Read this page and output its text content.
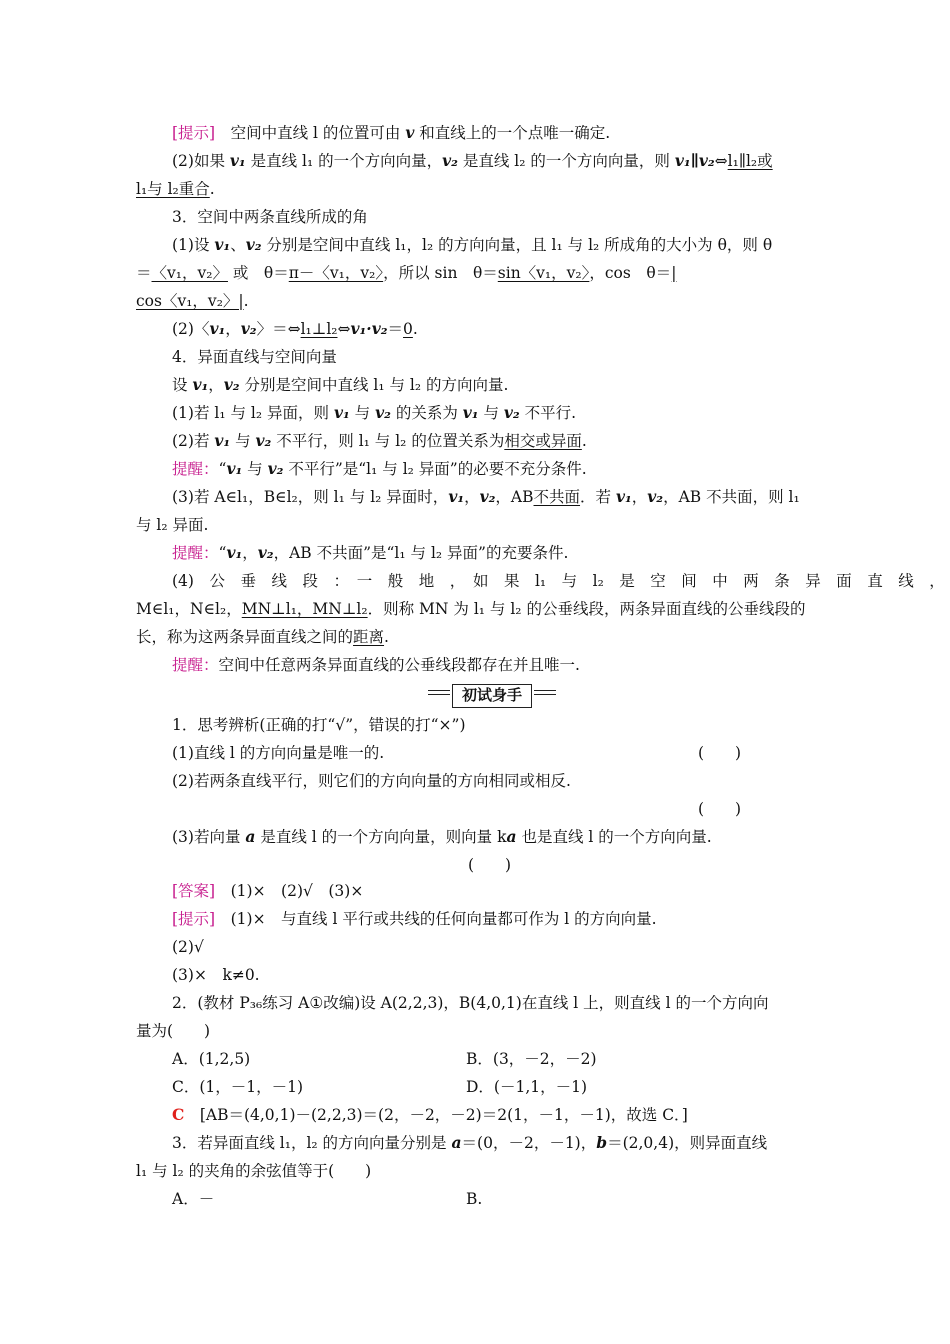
[提示]　空间中直线 l 的位置可由 v 和直线上的一个点唯一确定.
(2)如果 v₁ 是直线 l₁ 的一个方向向量，v₂ 是直线 l₂ 的一个方向向量，则 v₁∥v₂⇔l₁∥l₂或
l₁与 l₂重合.
3．空间中两条直线所成的角
(1)设 v₁、v₂ 分别是空间中直线 l₁，l₂ 的方向向量，且 l₁ 与 l₂ 所成角的大小为 θ，则 θ
＝〈v₁，v₂〉 或　θ＝π－〈v₁，v₂〉，所以 sin　θ＝sin〈v₁，v₂〉，cos　θ＝|
cos〈v₁，v₂〉|.
(2)〈v₁，v₂〉＝⇔l₁⊥l₂⇔v₁·v₂＝0.
4．异面直线与空间向量
设 v₁，v₂ 分别是空间中直线 l₁ 与 l₂ 的方向向量.
(1)若 l₁ 与 l₂ 异面，则 v₁ 与 v₂ 的关系为 v₁ 与 v₂ 不平行.
(2)若 v₁ 与 v₂ 不平行，则 l₁ 与 l₂ 的位置关系为相交或异面.
提醒：“v₁ 与 v₂ 不平行”是“l₁ 与 l₂ 异面”的必要不充分条件.
(3)若 A∈l₁，B∈l₂，则 l₁ 与 l₂ 异面时，v₁，v₂，AB不共面．若 v₁，v₂，AB 不共面，则 l₁
与 l₂ 异面.
提醒：“v₁，v₂，AB 不共面”是“l₁ 与 l₂ 异面”的充要条件.
(4)　公　垂　线　段　：　一　般　地　，　如　果　l₁　与　l₂　是　空　间　中　两　条　异　面　直　线　，
M∈l₁，N∈l₂，MN⊥l₁，MN⊥l₂．则称 MN 为 l₁ 与 l₂ 的公垂线段，两条异面直线的公垂线段的
长，称为这两条异面直线之间的距离.
提醒：空间中任意两条异面直线的公垂线段都存在并且唯一.
1．思考辨析(正确的打“√”，错误的打“×”)
(1)直线 l 的方向向量是唯一的.
(2)若两条直线平行，则它们的方向向量的方向相同或相反.
(3)若向量 a 是直线 l 的一个方向向量，则向量 ka 也是直线 l 的一个方向向量.
[答案]　(1)×　(2)√　(3)×
[提示]　(1)×　与直线 l 平行或共线的任何向量都可作为 l 的方向向量.
(2)√
(3)×　k≠0.
2．(教材 P₃₆练习 A①改编)设 A(2,2,3)，B(4,0,1)在直线 l 上，则直线 l 的一个方向向
量为(　　)
A．(1,2,5)	B．(3，－2，－2)
C．(1，－1，－1)	D．(－1,1，－1)
C　[AB＝(4,0,1)－(2,2,3)＝(2，－2，－2)＝2(1，－1，－1)，故选 C．]
3．若异面直线 l₁，l₂ 的方向向量分别是 a＝(0，－2，－1)，b＝(2,0,4)，则异面直线
l₁ 与 l₂ 的夹角的余弦值等于(　　)
A．－	B.
初试身手
(　　)
(　　)
(　　)
